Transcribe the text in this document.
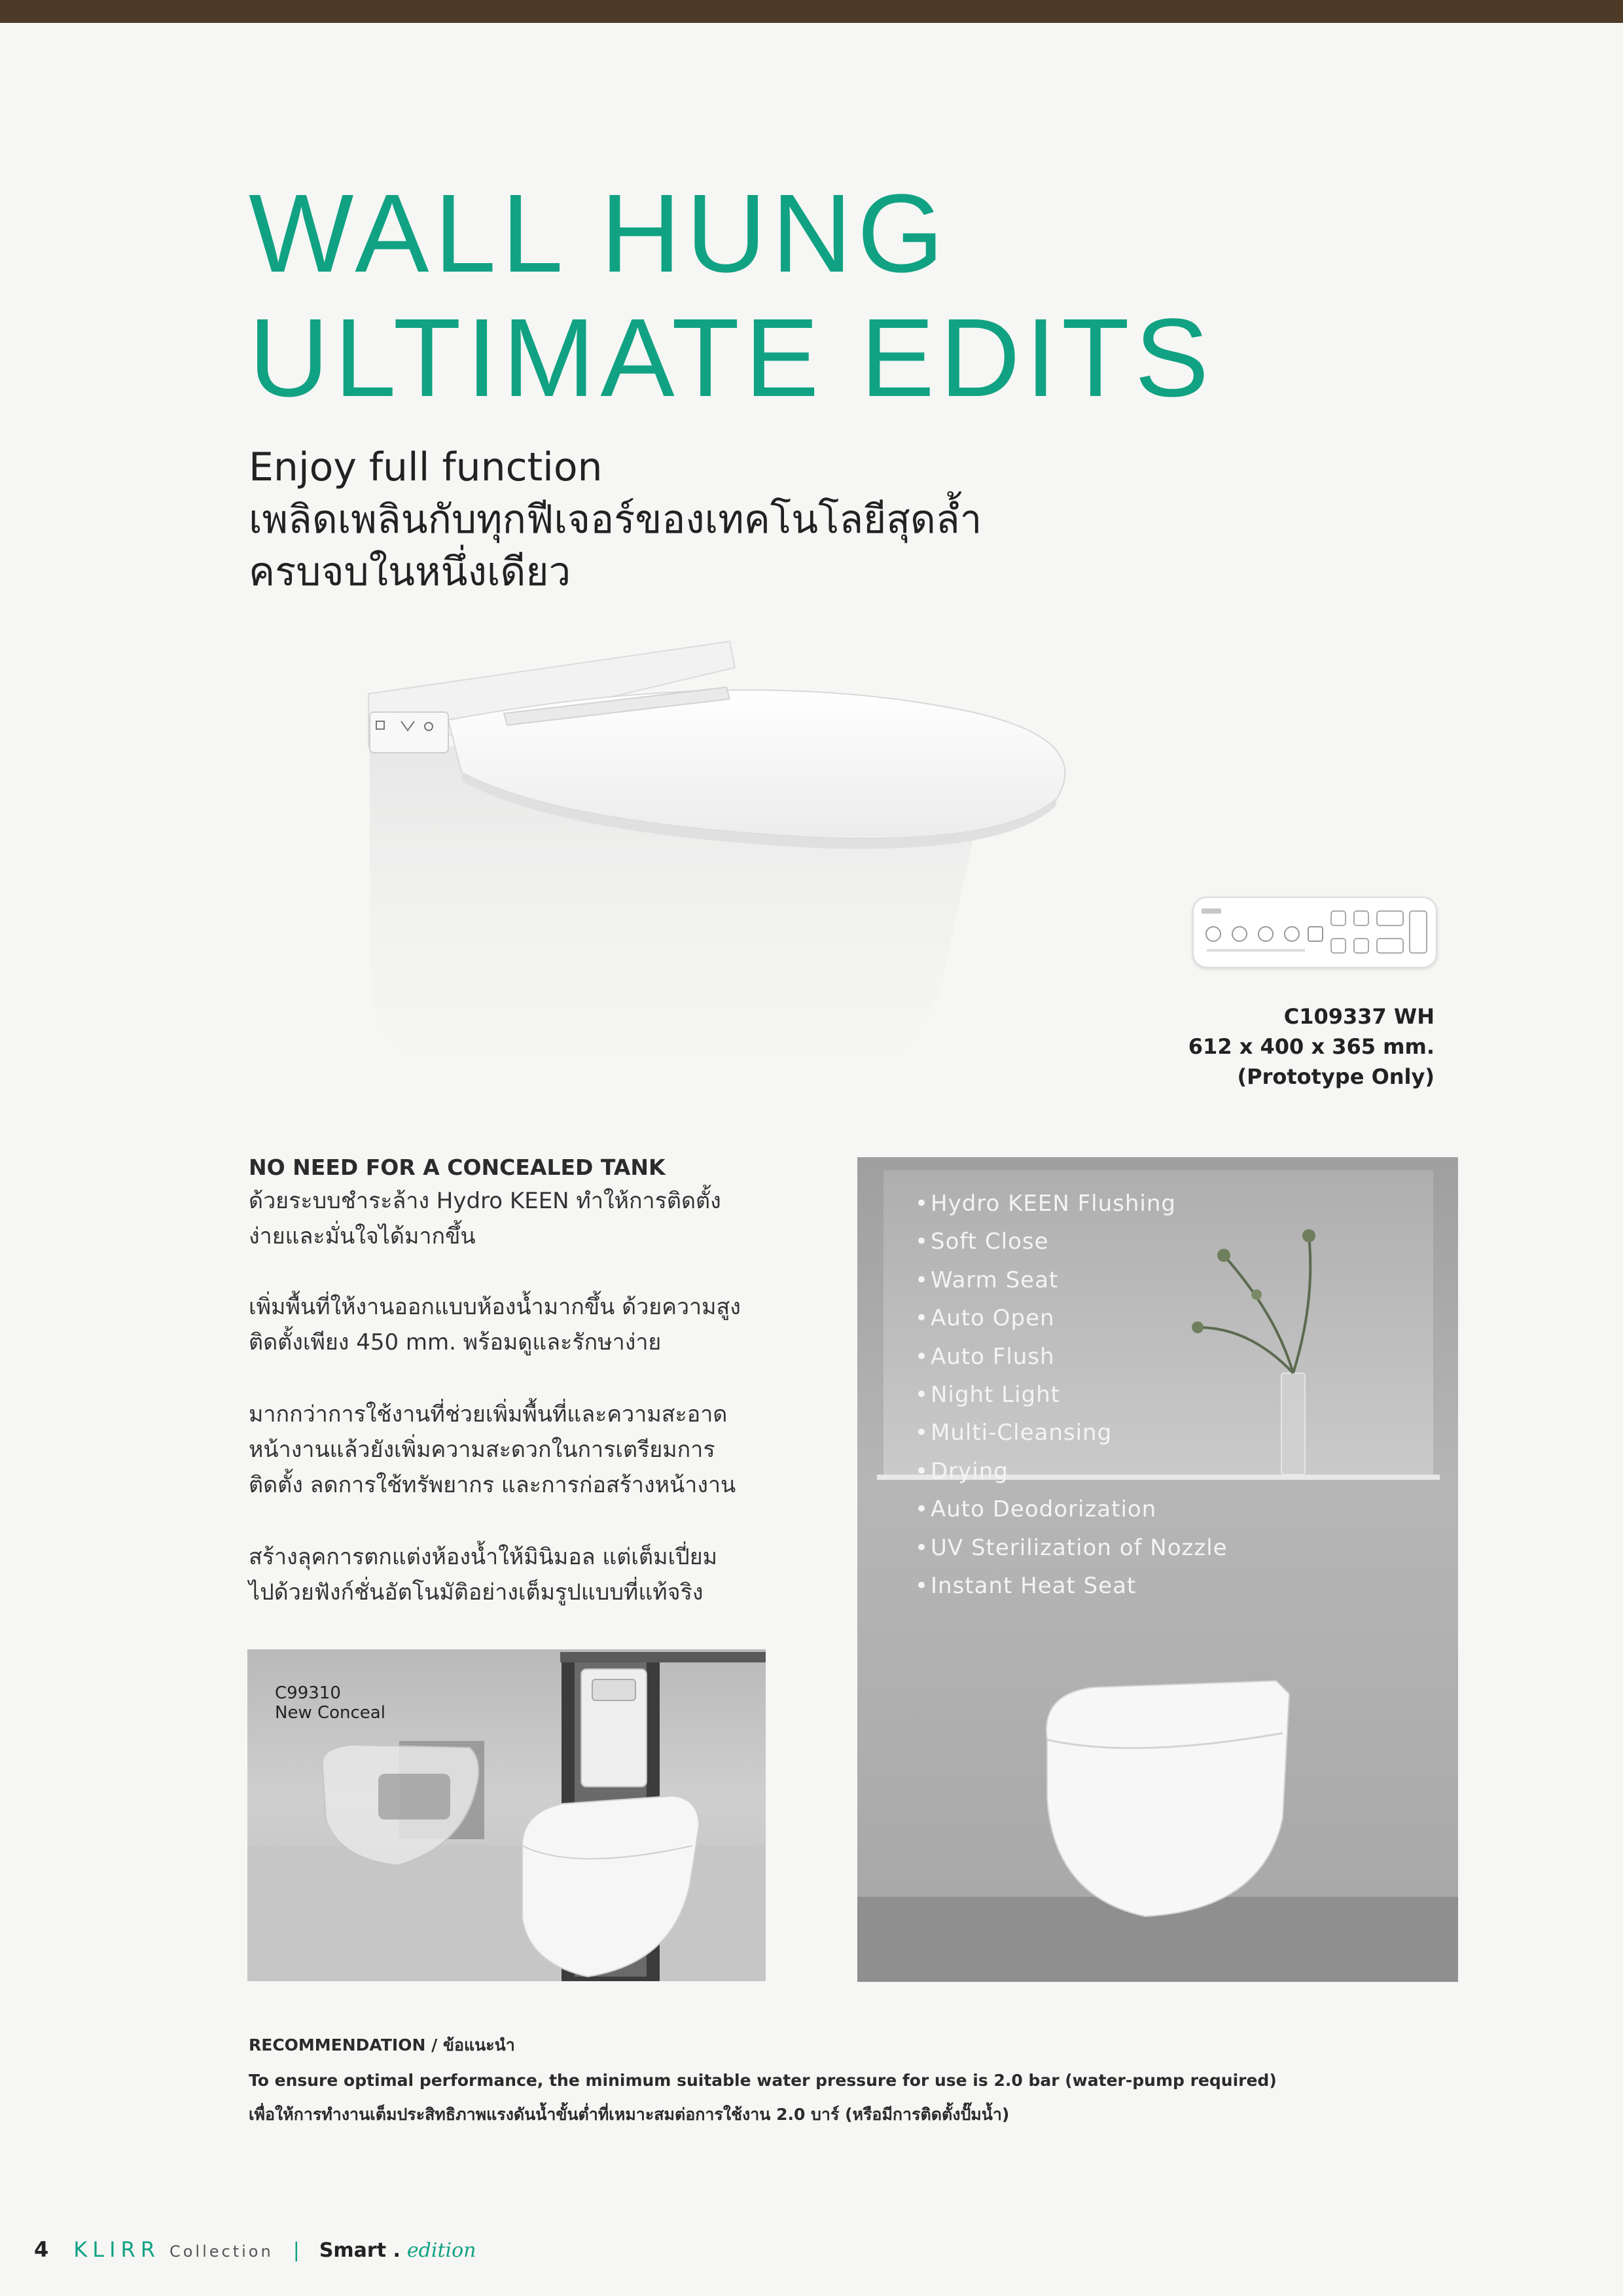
WALL HUNG
ULTIMATE EDITS
Enjoy full function
เพลิดเพลินกับทุกฟีเจอร์ของเทคโนโลยีสุดล้ำ
ครบจบในหนึ่งเดียว
C109337 WH
612 x 400 x 365 mm.
(Prototype Only)
NO NEED FOR A CONCEALED TANK
ด้วยระบบชำระล้าง Hydro KEEN ทำให้การติดตั้ง
ง่ายและมั่นใจได้มากขึ้น
เพิ่มพื้นที่ให้งานออกแบบห้องน้ำมากขึ้น ด้วยความสูง
ติดตั้งเพียง 450 mm. พร้อมดูและรักษาง่าย
มากกว่าการใช้งานที่ช่วยเพิ่มพื้นที่และความสะอาด
หน้างานแล้วยังเพิ่มความสะดวกในการเตรียมการ
ติดตั้ง ลดการใช้ทรัพยากร และการก่อสร้างหน้างาน
สร้างลุคการตกแต่งห้องน้ำให้มินิมอล แต่เต็มเปี่ยม
ไปด้วยฟังก์ชั่นอัตโนมัติอย่างเต็มรูปแบบที่แท้จริง
C99310
New Conceal
•Hydro KEEN Flushing
•Soft Close
•Warm Seat
•Auto Open
•Auto Flush
•Night Light
•Multi-Cleansing
•Drying
•Auto Deodorization
•UV Sterilization of Nozzle
•Instant Heat Seat
RECOMMENDATION / ข้อแนะนำ
To ensure optimal performance, the minimum suitable water pressure for use is 2.0 bar (water-pump required)
เพื่อให้การทำงานเต็มประสิทธิภาพแรงดันน้ำขั้นต่ำที่เหมาะสมต่อการใช้งาน 2.0 บาร์ (หรือมีการติดตั้งปั๊มน้ำ)
4 KLIRR Collection | Smart . edition
